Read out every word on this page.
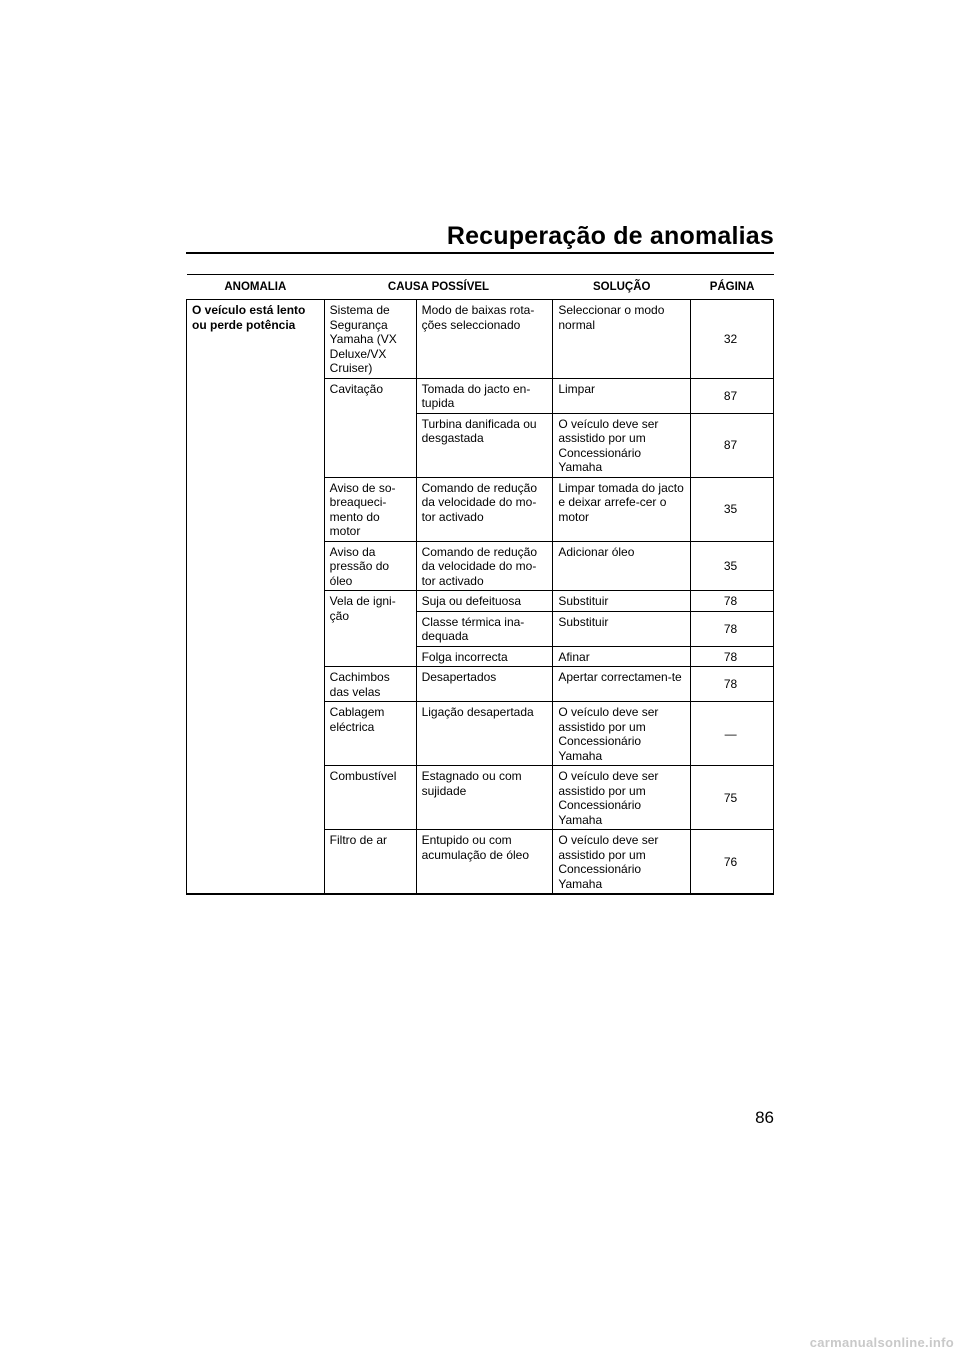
Recuperação de anomalias
ANOMALIA	CAUSA POSSÍVEL		SOLUÇÃO	PÁGINA
O veículo está lento ou perde potência	Sistema de Segurança Yamaha (VX Deluxe/VX Cruiser)	Modo de baixas rota-ções seleccionado	Seleccionar o modo normal	32
	Cavitação	Tomada do jacto en-tupida	Limpar	87
		Turbina danificada ou desgastada	O veículo deve ser assistido por um Concessionário Yamaha	87
	Aviso de so-breaqueci-mento do motor	Comando de redução da velocidade do mo-tor activado	Limpar tomada do jacto e deixar arrefe-cer o motor	35
	Aviso da pressão do óleo	Comando de redução da velocidade do mo-tor activado	Adicionar óleo	35
	Vela de igni-ção	Suja ou defeituosa	Substituir	78
		Classe térmica ina-dequada	Substituir	78
		Folga incorrecta	Afinar	78
	Cachimbos das velas	Desapertados	Apertar correctamen-te	78
	Cablagem eléctrica	Ligação desapertada	O veículo deve ser assistido por um Concessionário Yamaha	—
	Combustível	Estagnado ou com sujidade	O veículo deve ser assistido por um Concessionário Yamaha	75
	Filtro de ar	Entupido ou com acumulação de óleo	O veículo deve ser assistido por um Concessionário Yamaha	76
86
carmanualsonline.info
